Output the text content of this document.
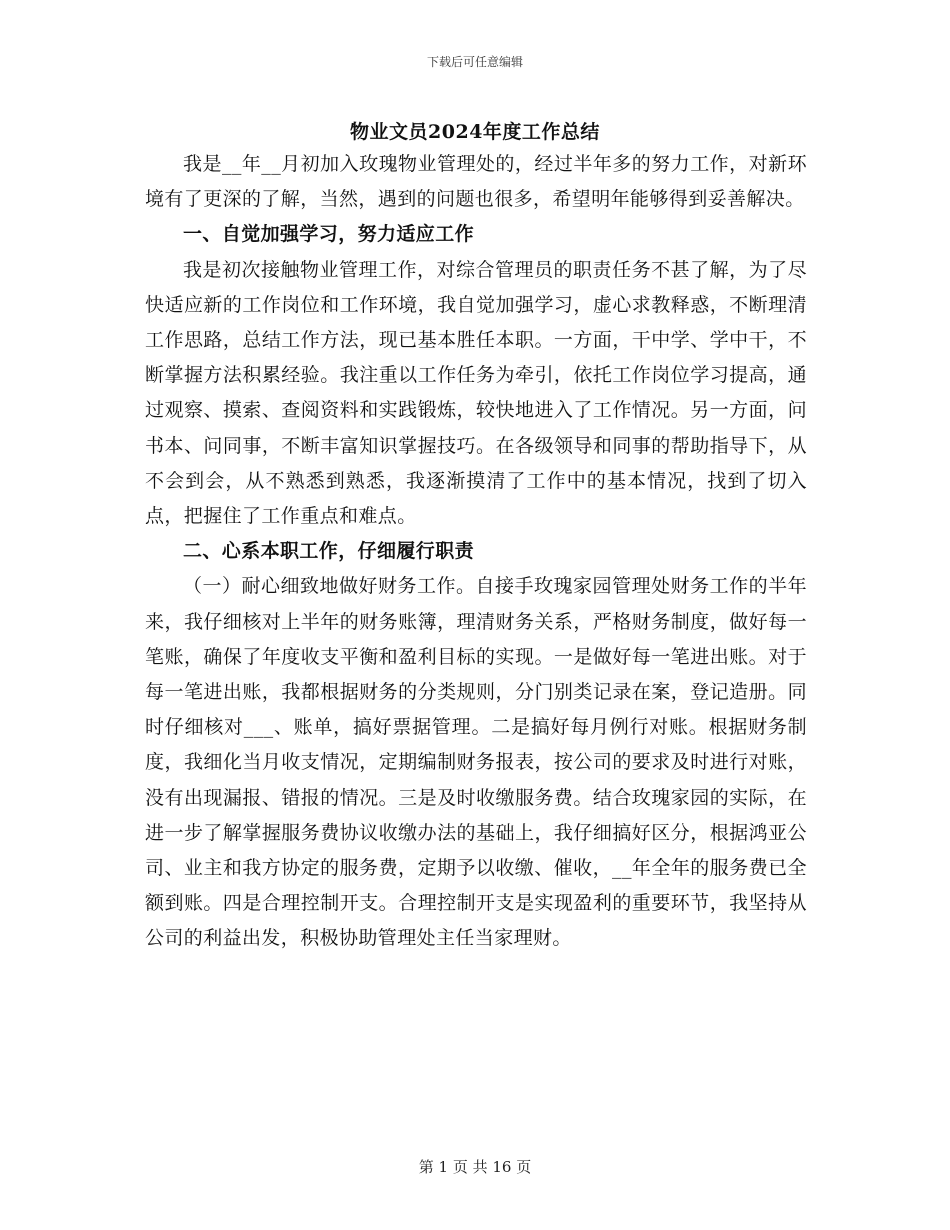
下载后可任意编辑
物业文员2024年度工作总结

我是__年__月初加入玫瑰物业管理处的，经过半年多的努力工作，对新环境有了更深的了解，当然，遇到的问题也很多，希望明年能够得到妥善解决。

一、自觉加强学习，努力适应工作

我是初次接触物业管理工作，对综合管理员的职责任务不甚了解，为了尽快适应新的工作岗位和工作环境，我自觉加强学习，虚心求教释惑，不断理清工作思路，总结工作方法，现已基本胜任本职。一方面，干中学、学中干，不断掌握方法积累经验。我注重以工作任务为牵引，依托工作岗位学习提高，通过观察、摸索、查阅资料和实践锻炼，较快地进入了工作情况。另一方面，问书本、问同事，不断丰富知识掌握技巧。在各级领导和同事的帮助指导下，从不会到会，从不熟悉到熟悉，我逐渐摸清了工作中的基本情况，找到了切入点，把握住了工作重点和难点。

二、心系本职工作，仔细履行职责

（一）耐心细致地做好财务工作。自接手玫瑰家园管理处财务工作的半年来，我仔细核对上半年的财务账簿，理清财务关系，严格财务制度，做好每一笔账，确保了年度收支平衡和盈利目标的实现。一是做好每一笔进出账。对于每一笔进出账，我都根据财务的分类规则，分门别类记录在案，登记造册。同时仔细核对___、账单，搞好票据管理。二是搞好每月例行对账。根据财务制度，我细化当月收支情况，定期编制财务报表，按公司的要求及时进行对账，没有出现漏报、错报的情况。三是及时收缴服务费。结合玫瑰家园的实际，在进一步了解掌握服务费协议收缴办法的基础上，我仔细搞好区分，根据鸿亚公司、业主和我方协定的服务费，定期予以收缴、催收，__年全年的服务费已全额到账。四是合理控制开支。合理控制开支是实现盈利的重要环节，我坚持从公司的利益出发，积极协助管理处主任当家理财。

第 1 页 共 16 页
